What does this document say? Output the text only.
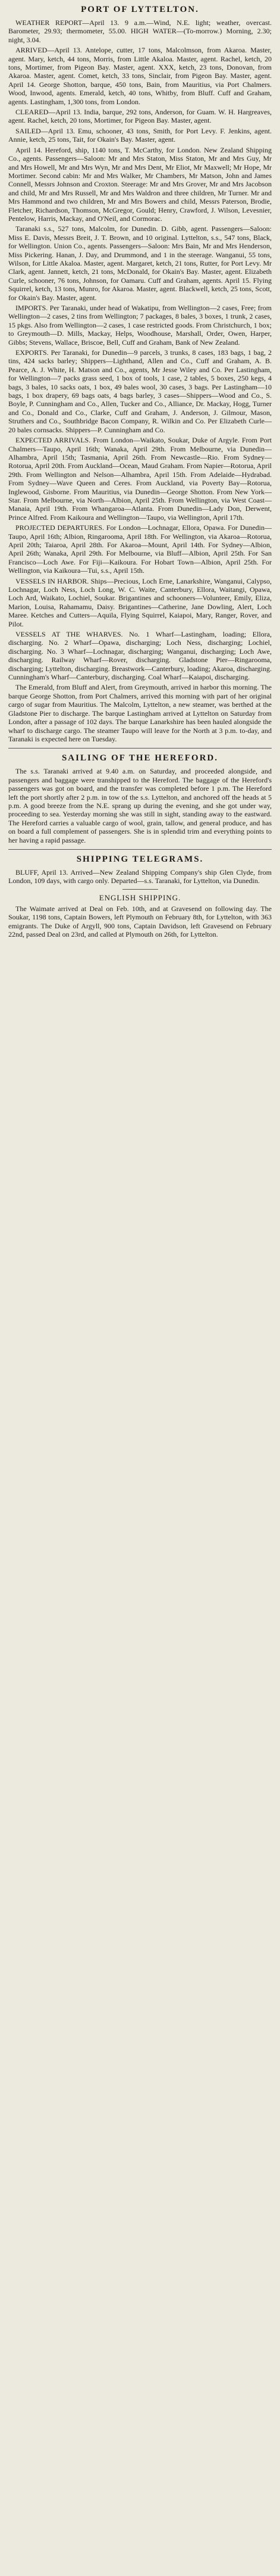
PORT OF LYTTELTON.

WEATHER REPORT—April 13. 9 a.m.—Wind, N.E. light; weather, overcast. Barometer, 29.93; thermometer, 55.00. HIGH WATER—(To-morrow.) Morning, 2.30; night, 3.04.

ARRIVED—April 13. Antelope, cutter, 17 tons, Malcolmson, from Akaroa. Master, agent. Mary, ketch, 44 tons, Morris, from Little Akaloa. Master, agent. Rachel, ketch, 20 tons, Mortimer, from Pigeon Bay. Master, agent. XXX, ketch, 23 tons, Donovan, from Akaroa. Master, agent. Comet, ketch, 33 tons, Sinclair, from Pigeon Bay. Master, agent. April 14. George Shotton, barque, 450 tons, Bain, from Mauritius, via Port Chalmers. Wood, Inwood, agents. Emerald, ketch, 40 tons, Whitby, from Bluff. Cuff and Graham, agents. Lastingham, 1,300 tons, from London.

CLEARED—April 13. India, barque, 292 tons, Anderson, for Guam. W. H. Hargreaves, agent. Rachel, ketch, 20 tons, Mortimer, for Pigeon Bay. Master, agent.

SAILED—April 13. Emu, schooner, 43 tons, Smith, for Port Levy. F. Jenkins, agent. Annie, ketch, 25 tons, Tait, for Okain's Bay. Master, agent.

April 14. Hereford, ship, 1140 tons, T. McCarthy, for London. New Zealand Shipping Co., agents. Passengers—Saloon: Mr and Mrs Staton, Miss Staton, Mr and Mrs Guy, Mr and Mrs Howell, Mr and Mrs Wyn, Mr and Mrs Dent, Mr Eliot, Mr Maxwell; Mr Hope, Mr Mortimer. Second cabin: Mr and Mrs Walker, Mr Chambers, Mr Matson, John and James Connell, Messrs Johnson and Croxton. Steerage: Mr and Mrs Grover, Mr and Mrs Jacobson and child, Mr and Mrs Russell, Mr and Mrs Waldron and three children, Mr Turner. Mr and Mrs Hammond and two children, Mr and Mrs Bowers and child, Messrs Paterson, Brodie, Fletcher, Richardson, Thomson, McGregor, Gould; Henry, Crawford, J. Wilson, Levesnier, Pentelow, Harris, Mackay, and O'Neil, and Cormorac.

Taranaki s.s., 527 tons, Malcolm, for Dunedin. D. Gibb, agent. Passengers—Saloon: Miss E. Davis, Messrs Breit, J. T. Brown, and 10 original. Lyttelton, s.s., 547 tons, Black, for Wellington. Union Co., agents. Passengers—Saloon: Mrs Bain, Mr and Mrs Henderson, Miss Pickering. Hanan, J. Day, and Drummond, and 1 in the steerage. Wanganui, 55 tons, Wilson, for Little Akaloa. Master, agent. Margaret, ketch, 21 tons, Rutter, for Port Levy. Mr Clark, agent. Jannett, ketch, 21 tons, McDonald, for Okain's Bay. Master, agent. Elizabeth Curle, schooner, 76 tons, Johnson, for Oamaru. Cuff and Graham, agents. April 15. Flying Squirrel, ketch, 13 tons, Munro, for Akaroa. Master, agent. Blackwell, ketch, 25 tons, Scott, for Okain's Bay. Master, agent.

IMPORTS. Per Taranaki, under head of Wakatipu, from Wellington—2 cases, Free; from Wellington—2 cases, 2 tins from Wellington; 7 packages, 8 bales, 3 boxes, 1 trunk, 2 cases, 15 pkgs. Also from Wellington—2 cases, 1 case restricted goods. From Christchurch, 1 box; to Greymouth—D. Mills, Mackay, Helps, Woodhouse, Marshall, Order, Owen, Harper, Gibbs; Stevens, Wallace, Briscoe, Bell, Cuff and Graham, Bank of New Zealand.

EXPORTS. Per Taranaki, for Dunedin—9 parcels, 3 trunks, 8 cases, 183 bags, 1 bag, 2 tins, 424 sacks barley; Shippers—Lighthand, Allen and Co., Cuff and Graham, A. B. Pearce, A. J. White, H. Matson and Co., agents, Mr Jesse Wiley and Co. Per Lastingham, for Wellington—7 packs grass seed, 1 box of tools, 1 case, 2 tables, 5 boxes, 250 kegs, 4 bags, 3 bales, 10 sacks oats, 1 box, 49 bales wool, 30 cases, 3 bags. Per Lastingham—10 bags, 1 box drapery, 69 bags oats, 4 bags barley, 3 cases—Shippers—Wood and Co., S. Boyle, P. Cunningham and Co., Allen, Tucker and Co., Alliance, Dr. Mackay, Hogg, Turner and Co., Donald and Co., Clarke, Cuff and Graham, J. Anderson, J. Gilmour, Mason, Struthers and Co., Southbridge Bacon Company, R. Wilkin and Co. Per Elizabeth Curle—20 bales cornsacks. Shippers—P. Cunningham and Co.

EXPECTED ARRIVALS. From London—Waikato, Soukar, Duke of Argyle. From Port Chalmers—Taupo, April 16th; Wanaka, April 29th. From Melbourne, via Dunedin—Alhambra, April 15th; Tasmania, April 26th. From Newcastle—Rio. From Sydney—Rotorua, April 20th. From Auckland—Ocean, Maud Graham. From Napier—Rotorua, April 29th. From Wellington and Nelson—Alhambra, April 15th. From Adelaide—Hydrabad. From Sydney—Wave Queen and Ceres. From Auckland, via Poverty Bay—Rotorua, Inglewood, Gisborne. From Mauritius, via Dunedin—George Shotton. From New York—Star. From Melbourne, via North—Albion, April 25th. From Wellington, via West Coast—Manaia, April 19th. From Whangaroa—Atlanta. From Dunedin—Lady Don, Derwent, Prince Alfred. From Kaikoura and Wellington—Taupo, via Wellington, April 17th.

PROJECTED DEPARTURES. For London—Lochnagar, Ellora, Opawa. For Dunedin—Taupo, April 16th; Albion, Ringarooma, April 18th. For Wellington, via Akaroa—Rotorua, April 20th; Taiaroa, April 28th. For Akaroa—Mount, April 14th. For Sydney—Albion, April 26th; Wanaka, April 29th. For Melbourne, via Bluff—Albion, April 25th. For San Francisco—Loch Awe. For Fiji—Kaikoura. For Hobart Town—Albion, April 25th. For Wellington, via Kaikoura—Tui, s.s., April 15th.

VESSELS IN HARBOR. Ships—Precious, Loch Erne, Lanarkshire, Wanganui, Calypso, Lochnagar, Loch Ness, Loch Long, W. C. Waite, Canterbury, Ellora, Waitangi, Opawa, Loch Ard, Waikato, Lochiel, Soukar. Brigantines and schooners—Volunteer, Emily, Eliza, Marion, Louisa, Rahamamu, Daisy. Brigantines—Catherine, Jane Dowling, Alert, Loch Maree. Ketches and Cutters—Aquila, Flying Squirrel, Kaiapoi, Mary, Ranger, Rover, and Pilot.

VESSELS AT THE WHARVES. No. 1 Wharf—Lastingham, loading; Ellora, discharging. No. 2 Wharf—Opawa, discharging; Loch Ness, discharging; Lochiel, discharging. No. 3 Wharf—Lochnagar, discharging; Wanganui, discharging; Loch Awe, discharging. Railway Wharf—Rover, discharging. Gladstone Pier—Ringarooma, discharging; Lyttelton, discharging. Breastwork—Canterbury, loading; Akaroa, discharging. Cunningham's Wharf—Canterbury, discharging. Coal Wharf—Kaiapoi, discharging.

The Emerald, from Bluff and Alert, from Greymouth, arrived in harbor this morning. The barque George Shotton, from Port Chalmers, arrived this morning with part of her original cargo of sugar from Mauritius. The Malcolm, Lyttelton, a new steamer, was berthed at the Gladstone Pier to discharge. The barque Lastingham arrived at Lyttelton on Saturday from London, after a passage of 102 days. The barque Lanarkshire has been hauled alongside the wharf to discharge cargo. The steamer Taupo will leave for the North at 3 p.m. to-day, and Taranaki is expected here on Tuesday.

SAILING OF THE HEREFORD.

The s.s. Taranaki arrived at 9.40 a.m. on Saturday, and proceeded alongside, and passengers and baggage were transhipped to the Hereford. The baggage of the Hereford's passengers was got on board, and the transfer was completed before 1 p.m. The Hereford left the port shortly after 2 p.m. in tow of the s.s. Lyttelton, and anchored off the heads at 5 p.m. A good breeze from the N.E. sprang up during the evening, and she got under way, proceeding to sea. Yesterday morning she was still in sight, standing away to the eastward. The Hereford carries a valuable cargo of wool, grain, tallow, and general produce, and has on board a full complement of passengers. She is in splendid trim and everything points to her having a rapid passage.

SHIPPING TELEGRAMS.

BLUFF, April 13. Arrived—New Zealand Shipping Company's ship Glen Clyde, from London, 109 days, with cargo only. Departed—s.s. Taranaki, for Lyttelton, via Dunedin.

ENGLISH SHIPPING.

The Waimate arrived at Deal on Feb. 10th, and at Gravesend on following day. The Soukar, 1198 tons, Captain Bowers, left Plymouth on February 8th, for Lyttelton, with 363 emigrants. The Duke of Argyll, 900 tons, Captain Davidson, left Gravesend on February 22nd, passed Deal on 23rd, and called at Plymouth on 26th, for Lyttelton.
